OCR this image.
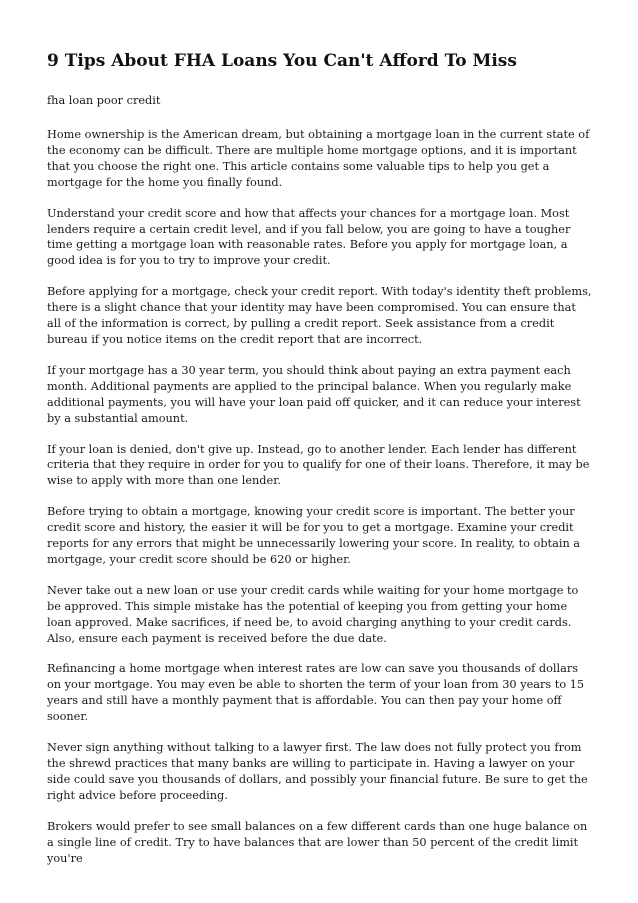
9 Tips About FHA Loans You Can't Afford To Miss
fha loan poor credit

Home ownership is the American dream, but obtaining a mortgage loan in the current state of the economy can be difficult. There are multiple home mortgage options, and it is important that you choose the right one. This article contains some valuable tips to help you get a mortgage for the home you finally found.

Understand your credit score and how that affects your chances for a mortgage loan. Most lenders require a certain credit level, and if you fall below, you are going to have a tougher time getting a mortgage loan with reasonable rates. Before you apply for mortgage loan, a good idea is for you to try to improve your credit.

Before applying for a mortgage, check your credit report. With today's identity theft problems, there is a slight chance that your identity may have been compromised. You can ensure that all of the information is correct, by pulling a credit report. Seek assistance from a credit bureau if you notice items on the credit report that are incorrect.

If your mortgage has a 30 year term, you should think about paying an extra payment each month. Additional payments are applied to the principal balance. When you regularly make additional payments, you will have your loan paid off quicker, and it can reduce your interest by a substantial amount.

If your loan is denied, don't give up. Instead, go to another lender. Each lender has different criteria that they require in order for you to qualify for one of their loans. Therefore, it may be wise to apply with more than one lender.

Before trying to obtain a mortgage, knowing your credit score is important. The better your credit score and history, the easier it will be for you to get a mortgage. Examine your credit reports for any errors that might be unnecessarily lowering your score. In reality, to obtain a mortgage, your credit score should be 620 or higher.

Never take out a new loan or use your credit cards while waiting for your home mortgage to be approved. This simple mistake has the potential of keeping you from getting your home loan approved. Make sacrifices, if need be, to avoid charging anything to your credit cards. Also, ensure each payment is received before the due date.

Refinancing a home mortgage when interest rates are low can save you thousands of dollars on your mortgage. You may even be able to shorten the term of your loan from 30 years to 15 years and still have a monthly payment that is affordable. You can then pay your home off sooner.

Never sign anything without talking to a lawyer first. The law does not fully protect you from the shrewd practices that many banks are willing to participate in. Having a lawyer on your side could save you thousands of dollars, and possibly your financial future. Be sure to get the right advice before proceeding.

Brokers would prefer to see small balances on a few different cards than one huge balance on a single line of credit. Try to have balances that are lower than 50 percent of the credit limit you're
